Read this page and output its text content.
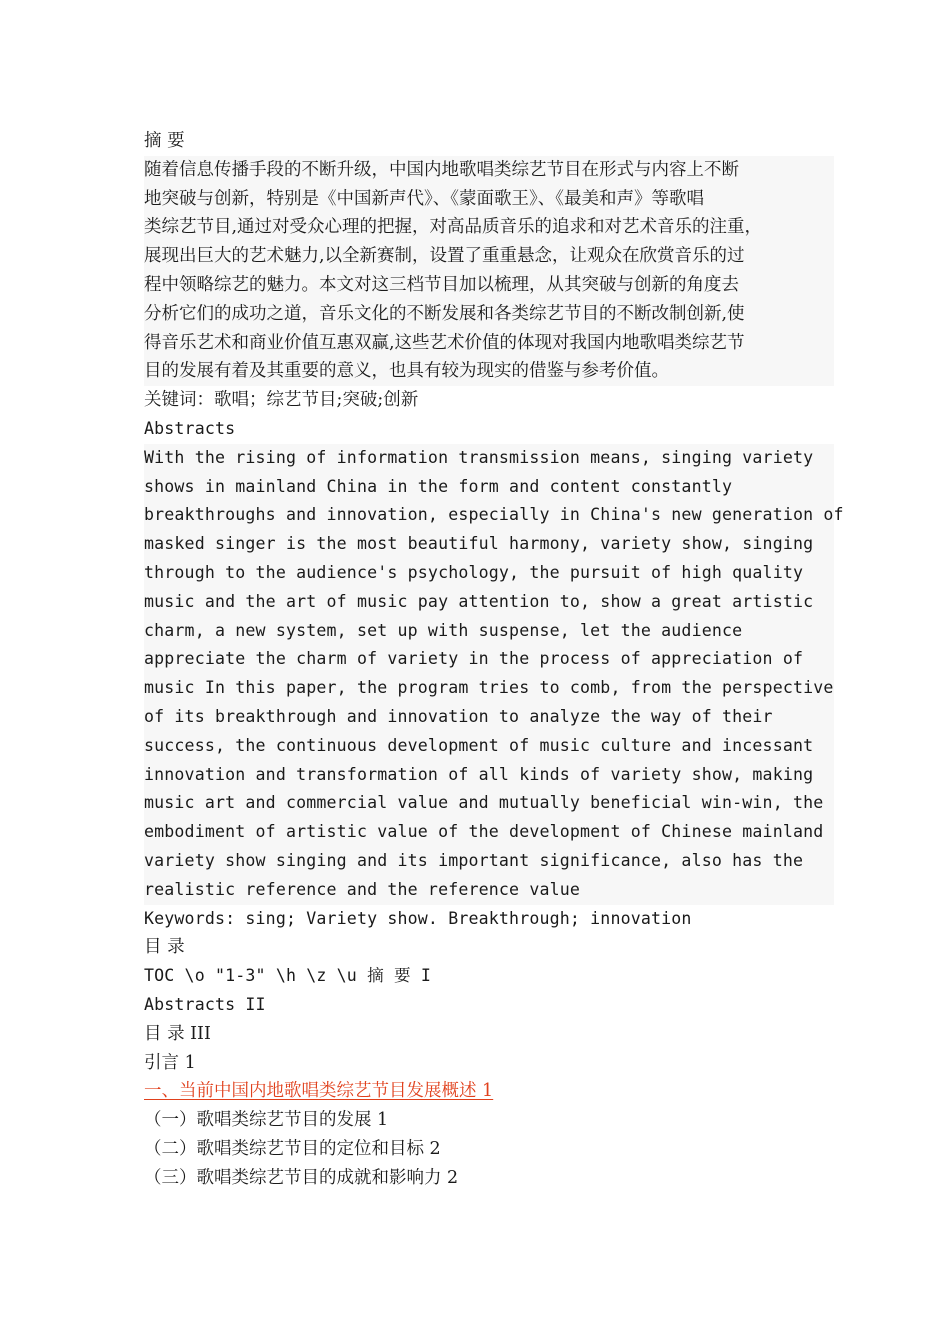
摘 要
随着信息传播手段的不断升级，中国内地歌唱类综艺节目在形式与内容上不断
地突破与创新，特别是《中国新声代》、《蒙面歌王》、《最美和声》等歌唱
类综艺节目,通过对受众心理的把握，对高品质音乐的追求和对艺术音乐的注重，
展现出巨大的艺术魅力,以全新赛制，设置了重重悬念，让观众在欣赏音乐的过
程中领略综艺的魅力。本文对这三档节目加以梳理，从其突破与创新的角度去
分析它们的成功之道，音乐文化的不断发展和各类综艺节目的不断改制创新,使
得音乐艺术和商业价值互惠双赢,这些艺术价值的体现对我国内地歌唱类综艺节
目的发展有着及其重要的意义，也具有较为现实的借鉴与参考价值。
关键词：歌唱；综艺节目;突破;创新
Abstracts
With the rising of information transmission means, singing variety
shows in mainland China in the form and content constantly
breakthroughs and innovation, especially in China's new generation of
masked singer is the most beautiful harmony, variety show, singing
through to the audience's psychology, the pursuit of high quality
music and the art of music pay attention to, show a great artistic
charm, a new system, set up with suspense, let the audience
appreciate the charm of variety in the process of appreciation of
music In this paper, the program tries to comb, from the perspective
of its breakthrough and innovation to analyze the way of their
success, the continuous development of music culture and incessant
innovation and transformation of all kinds of variety show, making
music art and commercial value and mutually beneficial win-win, the
embodiment of artistic value of the development of Chinese mainland
variety show singing and its important significance, also has the
realistic reference and the reference value
Keywords: sing; Variety show. Breakthrough; innovation
目 录
TOC \o "1-3" \h \z \u 摘 要 I
Abstracts II
目 录 III
引言 1
一、当前中国内地歌唱类综艺节目发展概述 1
（一）歌唱类综艺节目的发展 1
（二）歌唱类综艺节目的定位和目标 2
（三）歌唱类综艺节目的成就和影响力 2
